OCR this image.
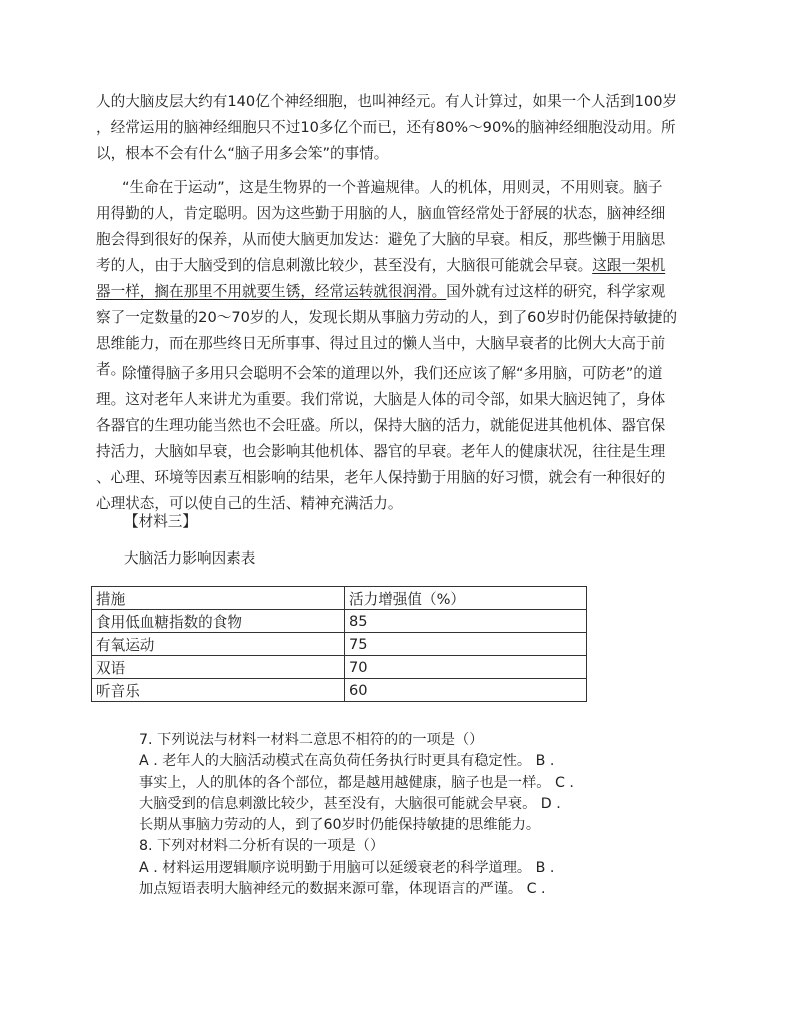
人的大脑皮层大约有140亿个神经细胞，也叫神经元。有人计算过，如果一个人活到100岁
，经常运用的脑神经细胞只不过10多亿个而已，还有80%～90%的脑神经细胞没动用。所
以，根本不会有什么“脑子用多会笨”的事情。

“生命在于运动”，这是生物界的一个普遍规律。人的机体，用则灵，不用则衰。脑子
用得勤的人，肯定聪明。因为这些勤于用脑的人，脑血管经常处于舒展的状态，脑神经细
胞会得到很好的保养，从而使大脑更加发达：避免了大脑的早衰。相反，那些懒于用脑思
考的人，由于大脑受到的信息刺激比较少，甚至没有，大脑很可能就会早衰。这跟一架机
器一样，搁在那里不用就要生锈，经常运转就很润滑。国外就有过这样的研究，科学家观
察了一定数量的20～70岁的人，发现长期从事脑力劳动的人，到了60岁时仍能保持敏捷的
思维能力，而在那些终日无所事事、得过且过的懒人当中，大脑早衰者的比例大大高于前
者。

除懂得脑子多用只会聪明不会笨的道理以外，我们还应该了解“多用脑，可防老”的道
理。这对老年人来讲尤为重要。我们常说，大脑是人体的司令部，如果大脑迟钝了，身体
各器官的生理功能当然也不会旺盛。所以，保持大脑的活力，就能促进其他机体、器官保
持活力，大脑如早衰，也会影响其他机体、器官的早衰。老年人的健康状况，往往是生理
、心理、环境等因素互相影响的结果，老年人保持勤于用脑的好习惯，就会有一种很好的
心理状态，可以使自己的生活、精神充满活力。

【材料三】

大脑活力影响因素表

措施	活力增强值（%）
食用低血糖指数的食物	85
有氧运动	75
双语	70
听音乐	60

7. 下列说法与材料一材料二意思不相符的的一项是（）
A . 老年人的大脑活动模式在高负荷任务执行时更具有稳定性。 B .
事实上，人的肌体的各个部位，都是越用越健康，脑子也是一样。 C .
大脑受到的信息刺激比较少，甚至没有，大脑很可能就会早衰。 D .
长期从事脑力劳动的人，到了60岁时仍能保持敏捷的思维能力。
8. 下列对材料二分析有误的一项是（）
A . 材料运用逻辑顺序说明勤于用脑可以延缓衰老的科学道理。 B .
加点短语表明大脑神经元的数据来源可靠，体现语言的严谨。 C .
